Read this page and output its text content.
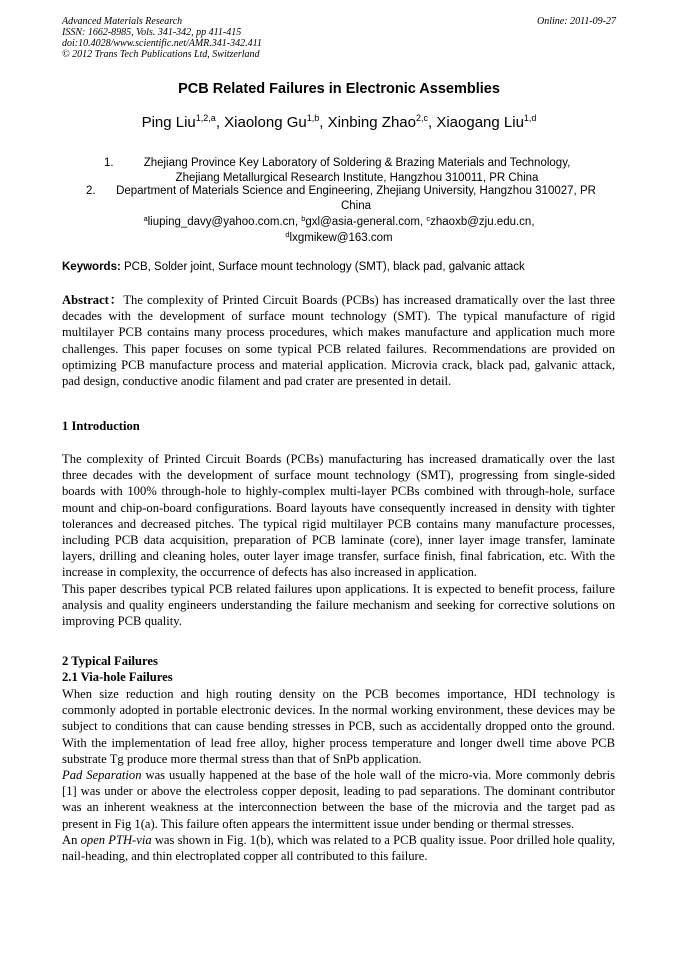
Advanced Materials Research
ISSN: 1662-8985, Vols. 341-342, pp 411-415
doi:10.4028/www.scientific.net/AMR.341-342.411
© 2012 Trans Tech Publications Ltd, Switzerland
Online: 2011-09-27
PCB Related Failures in Electronic Assemblies
Ping Liu$^{1,2,a}$, Xiaolong Gu$^{1,b}$, Xinbing Zhao$^{2,c}$, Xiaogang Liu$^{1,d}$
1.	Zhejiang Province Key Laboratory of Soldering & Brazing Materials and Technology, Zhejiang Metallurgical Research Institute, Hangzhou 310011, PR China
2.	Department of Materials Science and Engineering, Zhejiang University, Hangzhou 310027, PR China
$^a$liuping_davy@yahoo.com.cn, $^b$gxl@asia-general.com, $^c$zhaoxb@zju.edu.cn,
$^d$lxgmikew@163.com
Keywords: PCB, Solder joint, Surface mount technology (SMT), black pad, galvanic attack
Abstract：The complexity of Printed Circuit Boards (PCBs) has increased dramatically over the last three decades with the development of surface mount technology (SMT). The typical manufacture of rigid multilayer PCB contains many process procedures, which makes manufacture and application much more challenges. This paper focuses on some typical PCB related failures. Recommendations are provided on optimizing PCB manufacture process and material application. Microvia crack, black pad, galvanic attack, pad design, conductive anodic filament and pad crater are presented in detail.
1 Introduction

The complexity of Printed Circuit Boards (PCBs) manufacturing has increased dramatically over the last three decades with the development of surface mount technology (SMT), progressing from single-sided boards with 100% through-hole to highly-complex multi-layer PCBs combined with through-hole, surface mount and chip-on-board configurations. Board layouts have consequently increased in density with tighter tolerances and decreased pitches. The typical rigid multilayer PCB contains many manufacture processes, including PCB data acquisition, preparation of PCB laminate (core), inner layer image transfer, laminate layers, drilling and cleaning holes, outer layer image transfer, surface finish, final fabrication, etc. With the increase in complexity, the occurrence of defects has also increased in application.

This paper describes typical PCB related failures upon applications. It is expected to benefit process, failure analysis and quality engineers understanding the failure mechanism and seeking for corrective solutions on improving PCB quality.

2 Typical Failures
2.1 Via-hole Failures

When size reduction and high routing density on the PCB becomes importance, HDI technology is commonly adopted in portable electronic devices. In the normal working environment, these devices may be subject to conditions that can cause bending stresses in PCB, such as accidentally dropped onto the ground. With the implementation of lead free alloy, higher process temperature and longer dwell time above PCB substrate Tg produce more thermal stress than that of SnPb application.

Pad Separation was usually happened at the base of the hole wall of the micro-via. More commonly debris [1] was under or above the electroless copper deposit, leading to pad separations. The dominant contributor was an inherent weakness at the interconnection between the base of the microvia and the target pad as present in Fig 1(a). This failure often appears the intermittent issue under bending or thermal stresses.

An open PTH-via was shown in Fig. 1(b), which was related to a PCB quality issue. Poor drilled hole quality, nail-heading, and thin electroplated copper all contributed to this failure.
